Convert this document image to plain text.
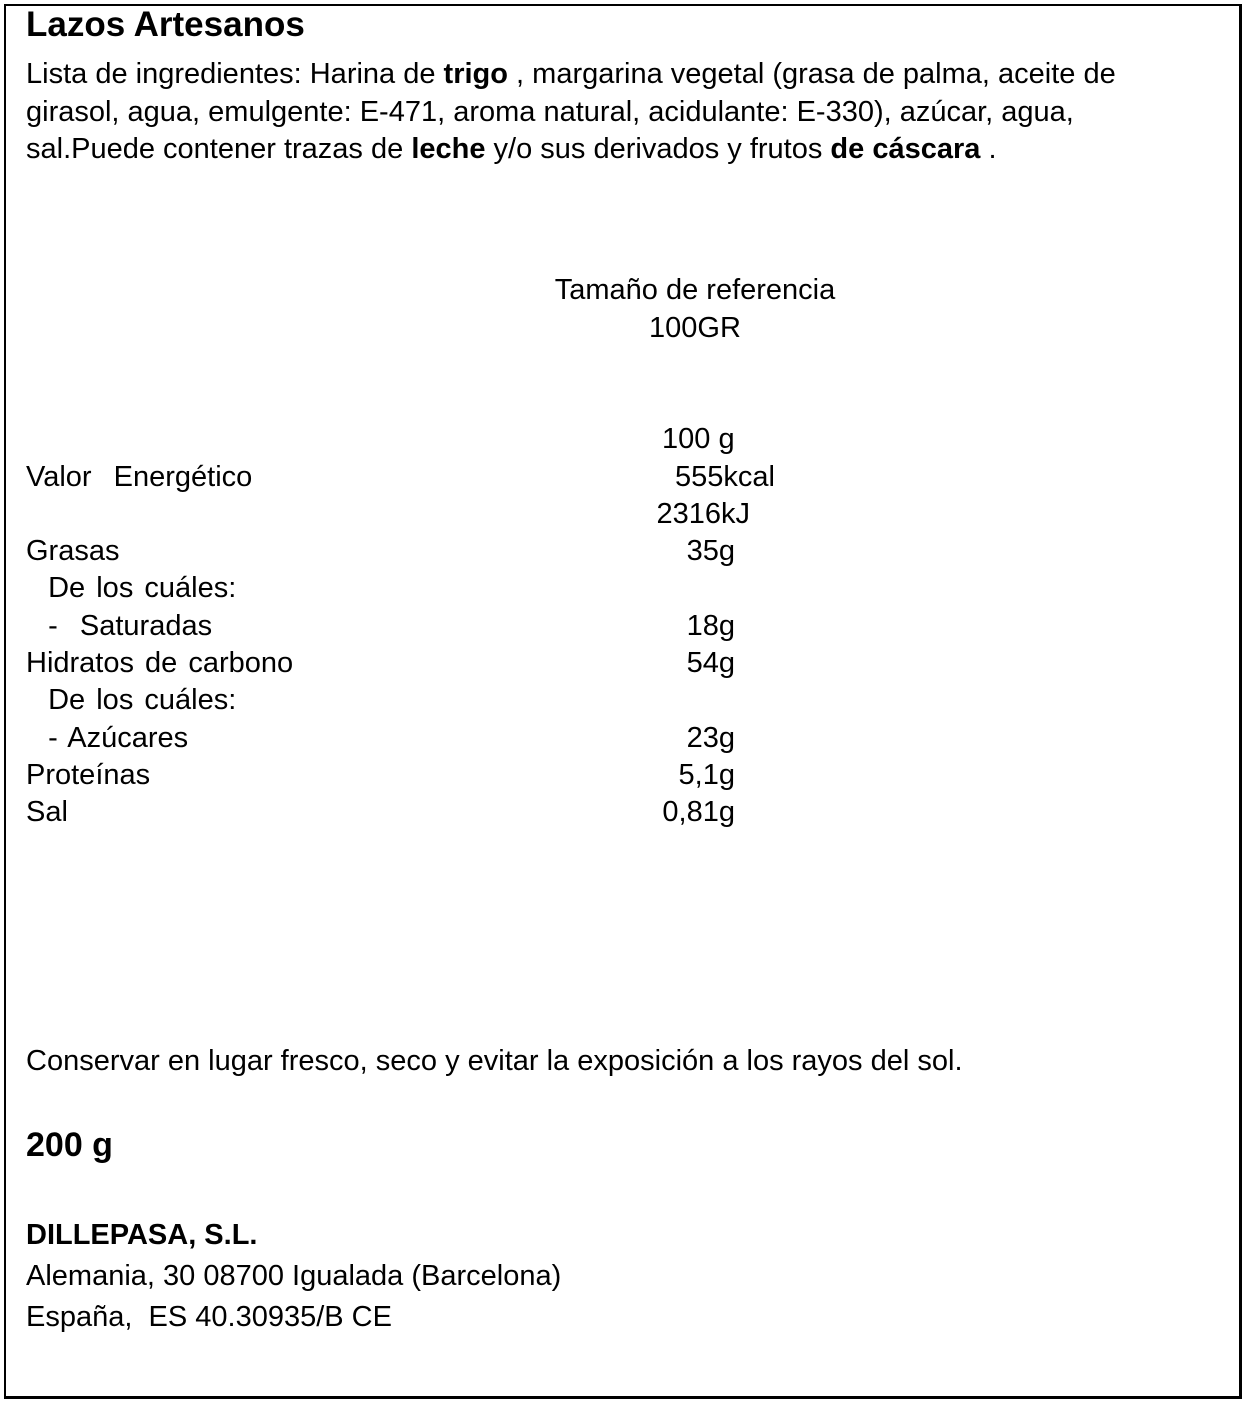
Lazos Artesanos

Lista de ingredientes: Harina de trigo , margarina vegetal (grasa de palma, aceite de girasol, agua, emulgente: E-471, aroma natural, acidulante: E-330), azúcar, agua, sal.Puede contener trazas de leche y/o sus derivados y frutos de cáscara .

Tamaño de referencia
100GR
100 g
Valor  Energético	555kcal
2316kJ
Grasas	35g
De los cuáles:
-  Saturadas	18g
Hidratos de carbono	54g
De los cuáles:
- Azúcares	23g
Proteínas	5,1g
Sal	0,81g

Conservar en lugar fresco, seco y evitar la exposición a los rayos del sol.

200 g

DILLEPASA, S.L.

Alemania, 30 08700 Igualada (Barcelona)

España,  ES 40.30935/B CE
